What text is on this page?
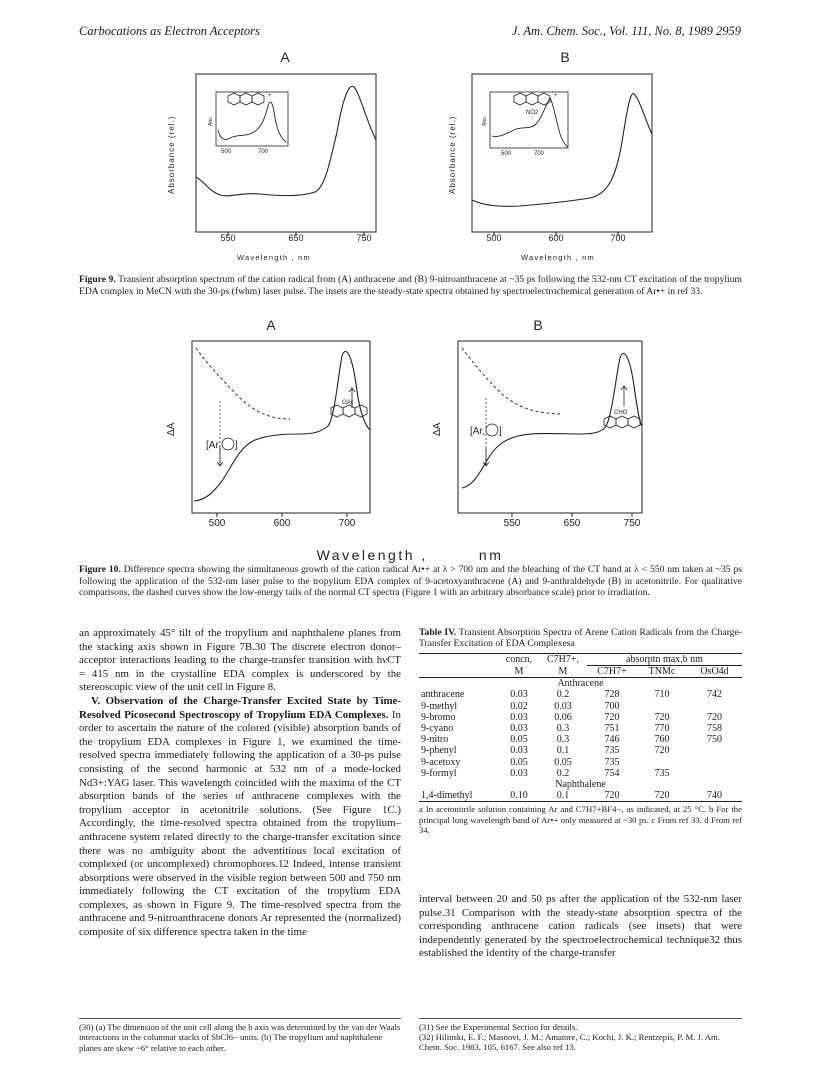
Carbocations as Electron Acceptors	J. Am. Chem. Soc., Vol. 111, No. 8, 1989 2959
A
Absorbance (rel.)	Abs.
˙+
500	700
550	650	750
Wavelength , nm
B
Absorbance (rel.)	Abs.
˙+
NO2
500	700
500	600	700
Wavelength , nm
Figure 9. Transient absorption spectrum of the cation radical from (A) anthracene and (B) 9-nitroanthracene at ~35 ps following the 532-nm CT excitation of the tropylium EDA complex in MeCN with the 30-ps (fwhm) laser pulse. The insets are the steady-state spectra obtained by spectroelectrochemical generation of Ar•+ in ref 33.
A
ΔA
[Ar, ]
OAc
500	600	700
B
ΔA	[Ar, ]
CHO
550	650	750
Wavelength ,        nm
Figure 10. Difference spectra showing the simultaneous growth of the cation radical Ar•+ at λ > 700 nm and the bleaching of the CT band at λ < 550 nm taken at ~35 ps following the application of the 532-nm laser pulse to the tropylium EDA complex of 9-acetoxyanthracene (A) and 9-anthraldehyde (B) in acetonitrile. For qualitative comparisons, the dashed curves show the low-energy tails of the normal CT spectra (Figure 1 with an arbitrary absorbance scale) prior to irradiation.

an approximately 45° tilt of the tropylium and naphthalene planes from the stacking axis shown in Figure 7B.30 The discrete electron donor–acceptor interactions leading to the charge-transfer transition with hνCT = 415 nm in the crystalline EDA complex is underscored by the stereoscopic view of the unit cell in Figure 8.

V. Observation of the Charge-Transfer Excited State by Time-Resolved Picosecond Spectroscopy of Tropylium EDA Complexes. In order to ascertain the nature of the colored (visible) absorption bands of the tropylium EDA complexes in Figure 1, we examined the time-resolved spectra immediately following the application of a 30-ps pulse consisting of the second harmonic at 532 nm of a mode-locked Nd3+:YAG laser. This wavelength coincided with the maxima of the CT absorption bands of the series of anthracene complexes with the tropylium acceptor in acetonitrile solutions. (See Figure 1C.) Accordingly, the time-resolved spectra obtained from the tropylium–anthracene system related directly to the charge-transfer excitation since there was no ambiguity about the adventitious local excitation of complexed (or uncomplexed) chromophores.12 Indeed, intense transient absorptions were observed in the visible region between 500 and 750 nm immediately following the CT excitation of the tropylium EDA complexes, as shown in Figure 9. The time-resolved spectra from the anthracene and 9-nitroanthracene donors Ar represented the (normalized) composite of six difference spectra taken in the time

(30) (a) The dimension of the unit cell along the b axis was determined by the van der Waals interactions in the columnar stacks of SbCl6− units. (b) The tropylium and naphthalene planes are skew ~6° relative to each other.
Table IV. Transient Absorption Spectra of Arene Cation Radicals from the Charge-Transfer Excitation of EDA Complexesa
	concn,	C7H7+,	absorptn max,b nm		
	M	M	C7H7+	TNMc	OsO4d
Anthracene					
anthracene	0.03	0.2	728	710	742
9-methyl	0.02	0.03	700		
9-bromo	0.03	0.06	720	720	720
9-cyano	0.03	0.3	751	770	758
9-nitro	0.05	0.3	746	760	750
9-phenyl	0.03	0.1	735	720	
9-acetoxy	0.05	0.05	735		
9-formyl	0.03	0.2	754	735	
Naphthalene					
1,4-dimethyl	0.10	0.1	720	720	740
a In acetonitrile solution containing Ar and C7H7+BF4−, as indicated, at 25 °C. b For the principal long wavelength band of Ar•+ only measured at ~30 ps. c From ref 33. d From ref 34.

interval between 20 and 50 ps after the application of the 532-nm laser pulse.31 Comparison with the steady-state absorption spectra of the corresponding anthracene cation radicals (see insets) that were independently generated by the spectroelectrochemical technique32 thus established the identity of the charge-transfer

(31) See the Experimental Section for details.
(32) Hilinski, E. F.; Masnovi, J. M.; Amatore, C.; Kochi, J. K.; Rentzepis, P. M. J. Am. Chem. Soc. 1983, 105, 6167. See also ref 13.
